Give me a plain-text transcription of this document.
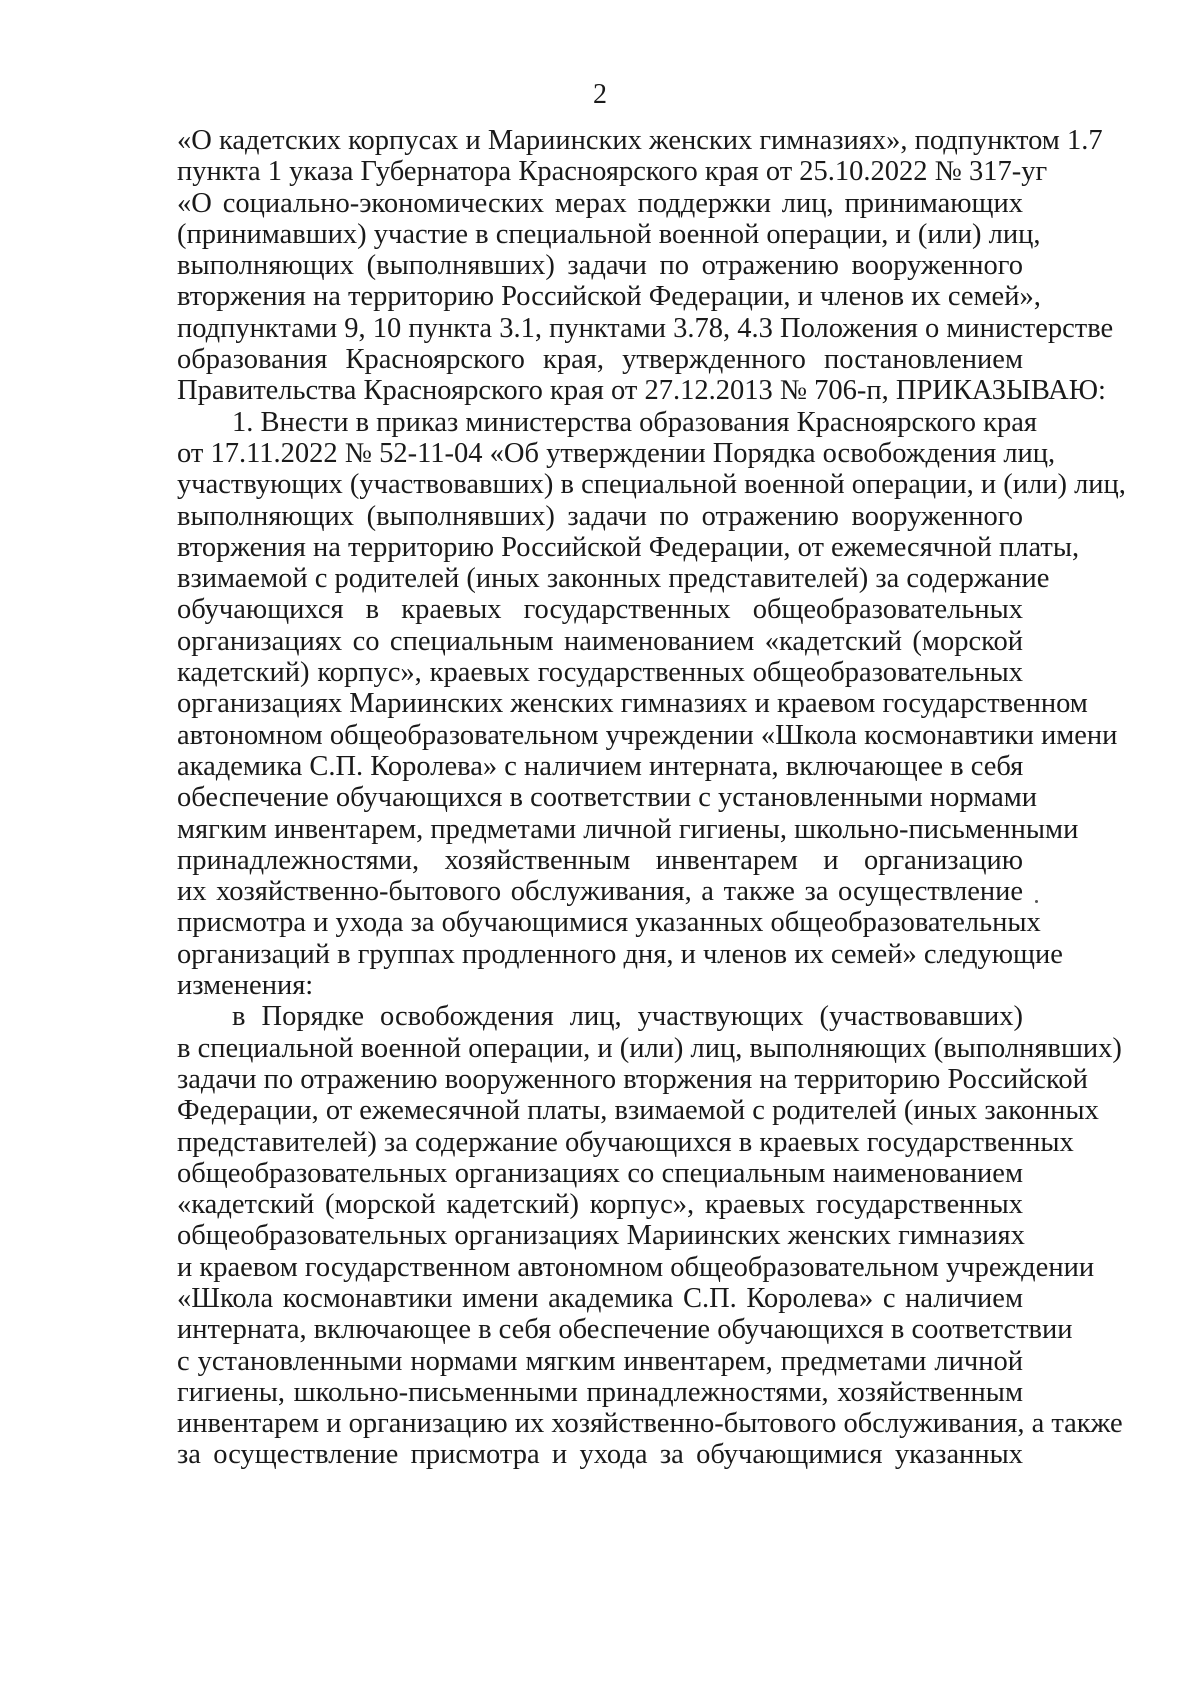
2
«О кадетских корпусах и Мариинских женских гимназиях», подпунктом 1.7
пункта 1 указа Губернатора Красноярского края от 25.10.2022 № 317-уг
«О социально-экономических мерах поддержки лиц, принимающих
(принимавших) участие в специальной военной операции, и (или) лиц,
выполняющих (выполнявших) задачи по отражению вооруженного
вторжения на территорию Российской Федерации, и членов их семей»,
подпунктами 9, 10 пункта 3.1, пунктами 3.78, 4.3 Положения о министерстве
образования Красноярского края, утвержденного постановлением
Правительства Красноярского края от 27.12.2013 № 706-п, ПРИКАЗЫВАЮ:
1. Внести в приказ министерства образования Красноярского края
от 17.11.2022 № 52-11-04 «Об утверждении Порядка освобождения лиц,
участвующих (участвовавших) в специальной военной операции, и (или) лиц,
выполняющих (выполнявших) задачи по отражению вооруженного
вторжения на территорию Российской Федерации, от ежемесячной платы,
взимаемой с родителей (иных законных представителей) за содержание
обучающихся в краевых государственных общеобразовательных
организациях со специальным наименованием «кадетский (морской
кадетский) корпус», краевых государственных общеобразовательных
организациях Мариинских женских гимназиях и краевом государственном
автономном общеобразовательном учреждении «Школа космонавтики имени
академика С.П. Королева» с наличием интерната, включающее в себя
обеспечение обучающихся в соответствии с установленными нормами
мягким инвентарем, предметами личной гигиены, школьно-письменными
принадлежностями, хозяйственным инвентарем и организацию
их хозяйственно-бытового обслуживания, а также за осуществление
присмотра и ухода за обучающимися указанных общеобразовательных
организаций в группах продленного дня, и членов их семей» следующие
изменения:
в Порядке освобождения лиц, участвующих (участвовавших)
в специальной военной операции, и (или) лиц, выполняющих (выполнявших)
задачи по отражению вооруженного вторжения на территорию Российской
Федерации, от ежемесячной платы, взимаемой с родителей (иных законных
представителей) за содержание обучающихся в краевых государственных
общеобразовательных организациях со специальным наименованием
«кадетский (морской кадетский) корпус», краевых государственных
общеобразовательных организациях Мариинских женских гимназиях
и краевом государственном автономном общеобразовательном учреждении
«Школа космонавтики имени академика С.П. Королева» с наличием
интерната, включающее в себя обеспечение обучающихся в соответствии
с установленными нормами мягким инвентарем, предметами личной
гигиены, школьно-письменными принадлежностями, хозяйственным
инвентарем и организацию их хозяйственно-бытового обслуживания, а также
за осуществление присмотра и ухода за обучающимися указанных
